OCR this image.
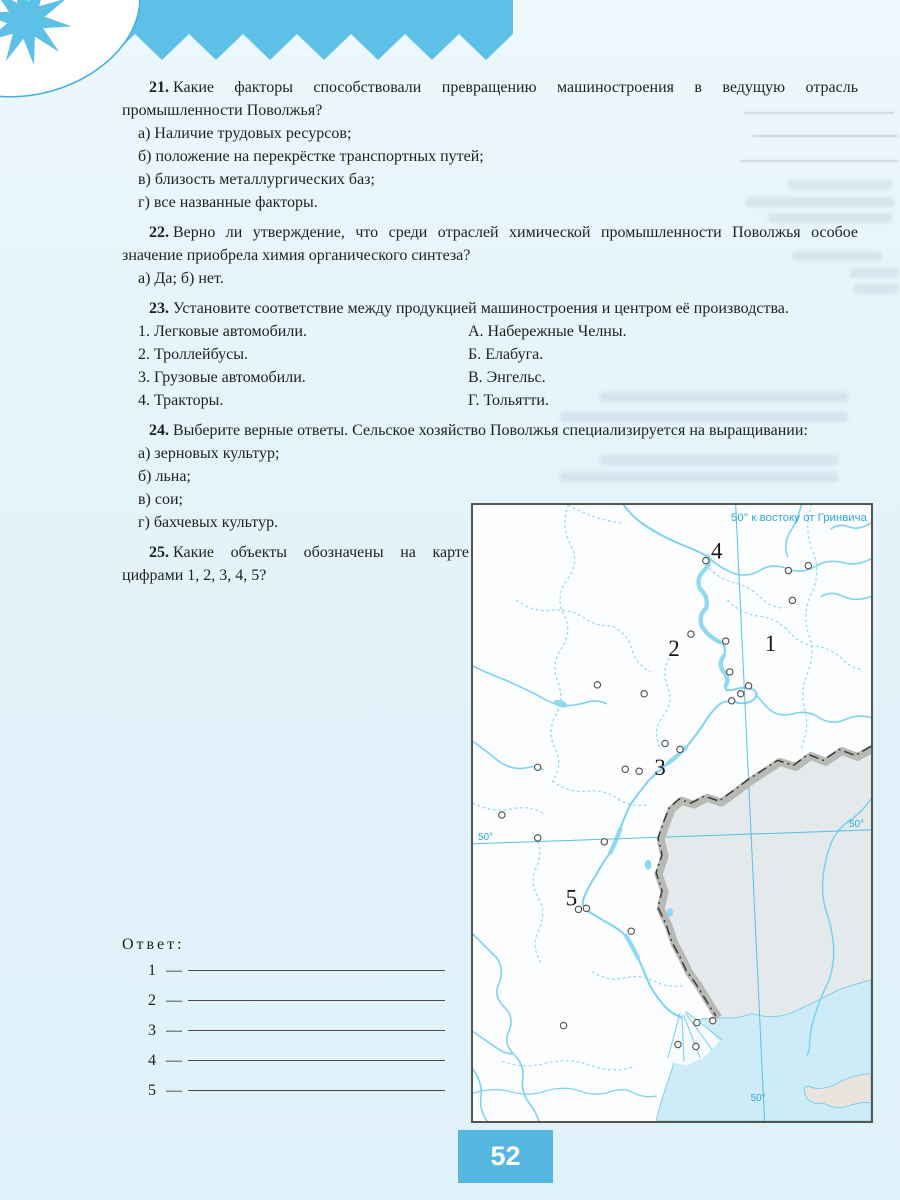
21. Какие факторы способствовали превращению машиностроения в ведущую отрасль промышленности Поволжья?

а) Наличие трудовых ресурсов;

б) положение на перекрёстке транспортных путей;

в) близость металлургических баз;

г) все названные факторы.

22. Верно ли утверждение, что среди отраслей химической промышленности Поволжья особое значение приобрела химия органического синтеза?

а) Да; б) нет.

23. Установите соответствие между продукцией машиностроения и центром её производства.

1. Легковые автомобили.	А. Набережные Челны.
2. Троллейбусы.	Б. Елабуга.
3. Грузовые автомобили.	В. Энгельс.
4. Тракторы.	Г. Тольятти.

24. Выберите верные ответы. Сельское хозяйство Поволжья специализируется на выращивании:

а) зерновых культур;

б) льна;

в) сои;

г) бахчевых культур.

25. Какие объекты обозначены на карте цифрами 1, 2, 3, 4, 5?

1
2
3
4
5
50° к востоку от Гринвича
50°
50°
50°

Ответ:

1 —
2 —
3 —
4 —
5 —
52
